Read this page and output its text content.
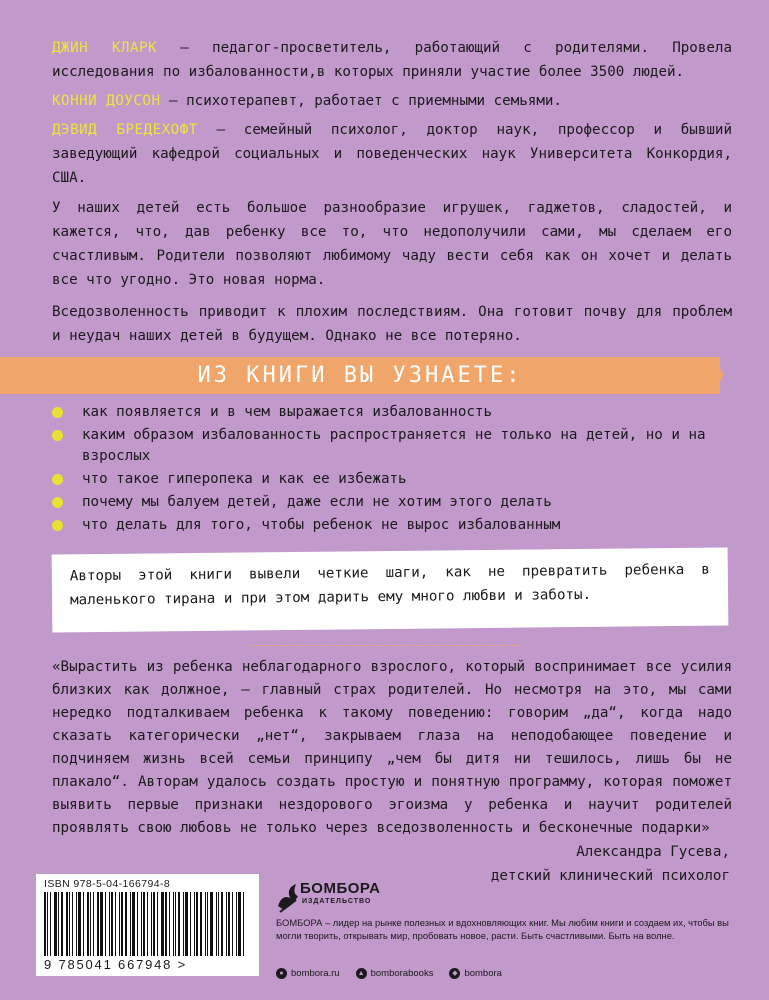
ДЖИН КЛАРК — педагог-просветитель, работающий с родителями. Провела исследования по избалованности,в которых приняли участие более 3500 людей.

КОННИ ДОУСОН — психотерапевт, работает с приемными семьями.

ДЭВИД БРЕДЕХОФТ — семейный психолог, доктор наук, профессор и бывший заведующий кафедрой социальных и поведенческих наук Университета Конкордия, США.

У наших детей есть большое разнообразие игрушек, гаджетов, сладостей, и кажется, что, дав ребенку все то, что недополучили сами, мы сделаем его счастливым. Родители позволяют любимому чаду вести себя как он хочет и делать все что угодно. Это новая норма.

Вседозволенность приводит к плохим последствиям. Она готовит почву для проблем и неудач наших детей в будущем. Однако не все потеряно.

ИЗ КНИГИ ВЫ УЗНАЕТЕ:
как появляется и в чем выражается избалованность
каким образом избалованность распространяется не только на детей, но и на взрослых
что такое гиперопека и как ее избежать
почему мы балуем детей, даже если не хотим этого делать
что делать для того, чтобы ребенок не вырос избалованным
Авторы этой книги вывели четкие шаги, как не превратить ребенка в маленького тирана и при этом дарить ему много любви и заботы.

«Вырастить из ребенка неблагодарного взрослого, который воспринимает все усилия близких как должное, — главный страх родителей. Но несмотря на это, мы сами нередко подталкиваем ребенка к такому поведению: говорим „да“, когда надо сказать категорически „нет“, закрываем глаза на неподобающее поведение и подчиняем жизнь всей семьи принципу „чем бы дитя ни тешилось, лишь бы не плакало“. Авторам удалось создать простую и понятную программу, которая поможет выявить первые признаки нездорового эгоизма у ребенка и научит родителей проявлять свою любовь не только через вседозволенность и бесконечные подарки»

Александра Гусева,
детский клинический психолог
ISBN 978-5-04-166794-8
9 785041 667948 >
БОМБОРА
ИЗДАТЕЛЬСТВО

БОМБОРА – лидер на рынке полезных и вдохновляющих книг. Мы любим книги и создаем их, чтобы вы могли творить, открывать мир, пробовать новое, расти. Быть счастливыми. Быть на волне.

● bombora.ru	▲ bomborabooks	◆ bombora
